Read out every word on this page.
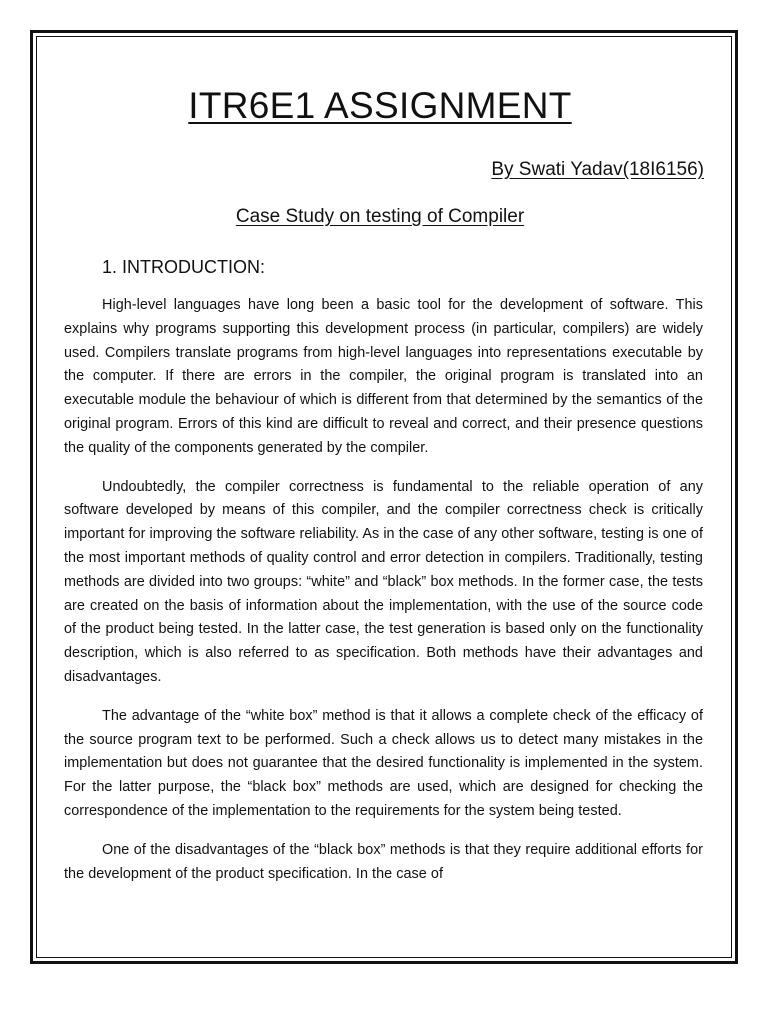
ITR6E1 ASSIGNMENT
By Swati Yadav(18I6156)
Case Study on testing of Compiler
1. INTRODUCTION:

High-level languages have long been a basic tool for the development of software. This explains why programs supporting this development process (in particular, compilers) are widely used. Compilers translate programs from high-level languages into representations executable by the computer. If there are errors in the compiler, the original program is translated into an executable module the behaviour of which is different from that determined by the semantics of the original program. Errors of this kind are difficult to reveal and correct, and their presence questions the quality of the components generated by the compiler.

Undoubtedly, the compiler correctness is fundamental to the reliable operation of any software developed by means of this compiler, and the compiler correctness check is critically important for improving the software reliability. As in the case of any other software, testing is one of the most important methods of quality control and error detection in compilers. Traditionally, testing methods are divided into two groups: “white” and “black” box methods. In the former case, the tests are created on the basis of information about the implementation, with the use of the source code of the product being tested. In the latter case, the test generation is based only on the functionality description, which is also referred to as specification. Both methods have their advantages and disadvantages.

The advantage of the “white box” method is that it allows a complete check of the efficacy of the source program text to be performed. Such a check allows us to detect many mistakes in the implementation but does not guarantee that the desired functionality is implemented in the system. For the latter purpose, the “black box” methods are used, which are designed for checking the correspondence of the implementation to the requirements for the system being tested.

One of the disadvantages of the “black box” methods is that they require additional efforts for the development of the product specification. In the case of
